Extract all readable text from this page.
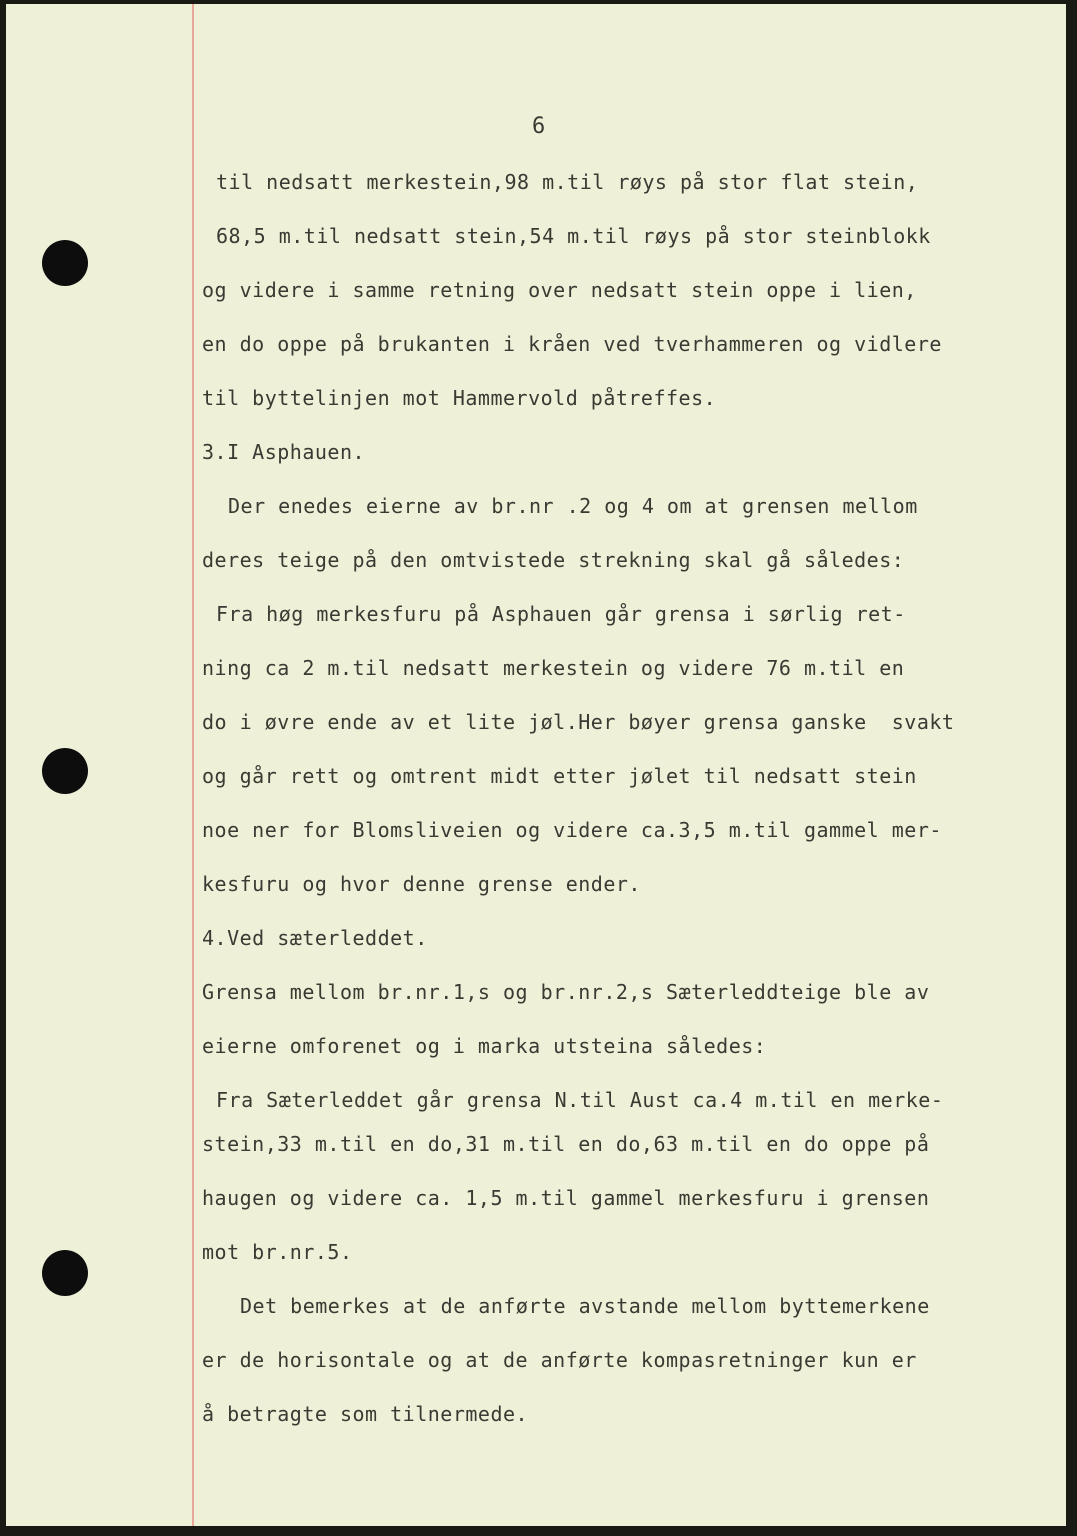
6
til nedsatt merkestein,98 m.til røys på stor flat stein,
68,5 m.til nedsatt stein,54 m.til røys på stor steinblokk
og videre i samme retning over nedsatt stein oppe i lien,
en do oppe på brukanten i kråen ved tverhammeren og vidlere
til byttelinjen mot Hammervold påtreffes.
3.I Asphauen.
Der enedes eierne av br.nr .2 og 4 om at grensen mellom
deres teige på den omtvistede strekning skal gå således:
Fra høg merkesfuru på Asphauen går grensa i sørlig ret-
ning ca 2 m.til nedsatt merkestein og videre 76 m.til en
do i øvre ende av et lite jøl.Her bøyer grensa ganske  svakt
og går rett og omtrent midt etter jølet til nedsatt stein
noe ner for Blomsliveien og videre ca.3,5 m.til gammel mer-
kesfuru og hvor denne grense ender.
4.Ved sæterleddet.
Grensa mellom br.nr.1,s og br.nr.2,s Sæterleddteige ble av
eierne omforenet og i marka utsteina således:
Fra Sæterleddet går grensa N.til Aust ca.4 m.til en merke-
stein,33 m.til en do,31 m.til en do,63 m.til en do oppe på
haugen og videre ca. 1,5 m.til gammel merkesfuru i grensen
mot br.nr.5.
Det bemerkes at de anførte avstande mellom byttemerkene
er de horisontale og at de anførte kompasretninger kun er
å betragte som tilnermede.
